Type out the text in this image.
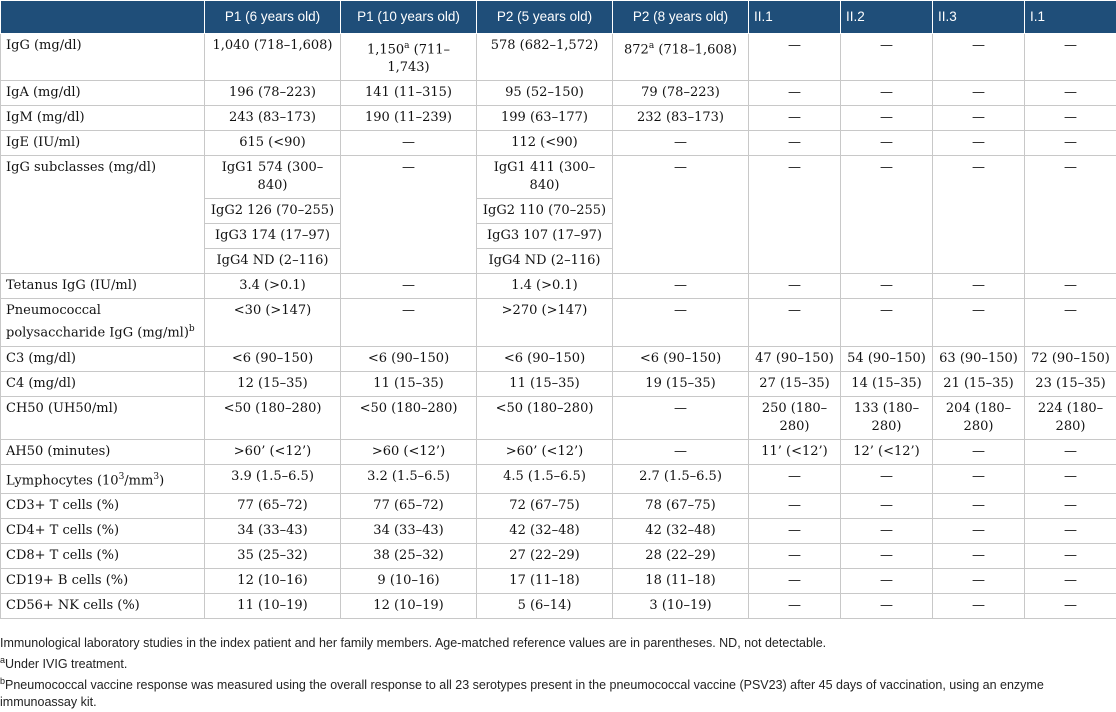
	P1 (6 years old)	P1 (10 years old)	P2 (5 years old)	P2 (8 years old)	II.1	II.2	II.3	I.1
IgG (mg/dl)	1,040 (718–1,608)	1,150$^a$ (711–1,743)	578 (682–1,572)	872$^a$ (718–1,608)	—	—	—	—
IgA (mg/dl)	196 (78–223)	141 (11–315)	95 (52–150)	79 (78–223)	—	—	—	—
IgM (mg/dl)	243 (83–173)	190 (11–239)	199 (63–177)	232 (83–173)	—	—	—	—
IgE (IU/ml)	615 (<90)	—	112 (<90)	—	—	—	—	—
IgG subclasses (mg/dl)	IgG1 574 (300–840)	—	IgG1 411 (300–840)	—	—	—	—	—
	IgG2 126 (70–255)		IgG2 110 (70–255)					
	IgG3 174 (17–97)		IgG3 107 (17–97)					
	IgG4 ND (2–116)		IgG4 ND (2–116)					
Tetanus IgG (IU/ml)	3.4 (>0.1)	—	1.4 (>0.1)	—	—	—	—	—
Pneumococcal polysaccharide IgG $(mg/ml)^b$	<30 (>147)	—	>270 (>147)	—	—	—	—	—
C3 (mg/dl)	<6 (90–150)	<6 (90–150)	<6 (90–150)	<6 (90–150)	47 (90–150)	54 (90–150)	63 (90–150)	72 (90–150)
C4 (mg/dl)	12 (15–35)	11 (15–35)	11 (15–35)	19 (15–35)	27 (15–35)	14 (15–35)	21 (15–35)	23 (15–35)
CH50 (UH50/ml)	<50 (180–280)	<50 (180–280)	<50 (180–280)	—	250 (180–280)	133 (180–280)	204 (180–280)	224 (180–280)
AH50 (minutes)	>60’ (<12’)	>60 (<12’)	>60’ (<12’)	—	11’ (<12’)	12’ (<12’)	—	—
Lymphocytes $(10^3/mm^3)$	3.9 (1.5–6.5)	3.2 (1.5–6.5)	4.5 (1.5–6.5)	2.7 (1.5–6.5)	—	—	—	—
CD3+ T cells (%)	77 (65–72)	77 (65–72)	72 (67–75)	78 (67–75)	—	—	—	—
CD4+ T cells (%)	34 (33–43)	34 (33–43)	42 (32–48)	42 (32–48)	—	—	—	—
CD8+ T cells (%)	35 (25–32)	38 (25–32)	27 (22–29)	28 (22–29)	—	—	—	—
CD19+ B cells (%)	12 (10–16)	9 (10–16)	17 (11–18)	18 (11–18)	—	—	—	—
CD56+ NK cells (%)	11 (10–19)	12 (10–19)	5 (6–14)	3 (10–19)	—	—	—	—

Immunological laboratory studies in the index patient and her family members. Age-matched reference values are in parentheses. ND, not detectable.

$^a$Under IVIG treatment.

$^b$Pneumococcal vaccine response was measured using the overall response to all 23 serotypes present in the pneumococcal vaccine (PSV23) after 45 days of vaccination, using an enzyme immunoassay kit.
